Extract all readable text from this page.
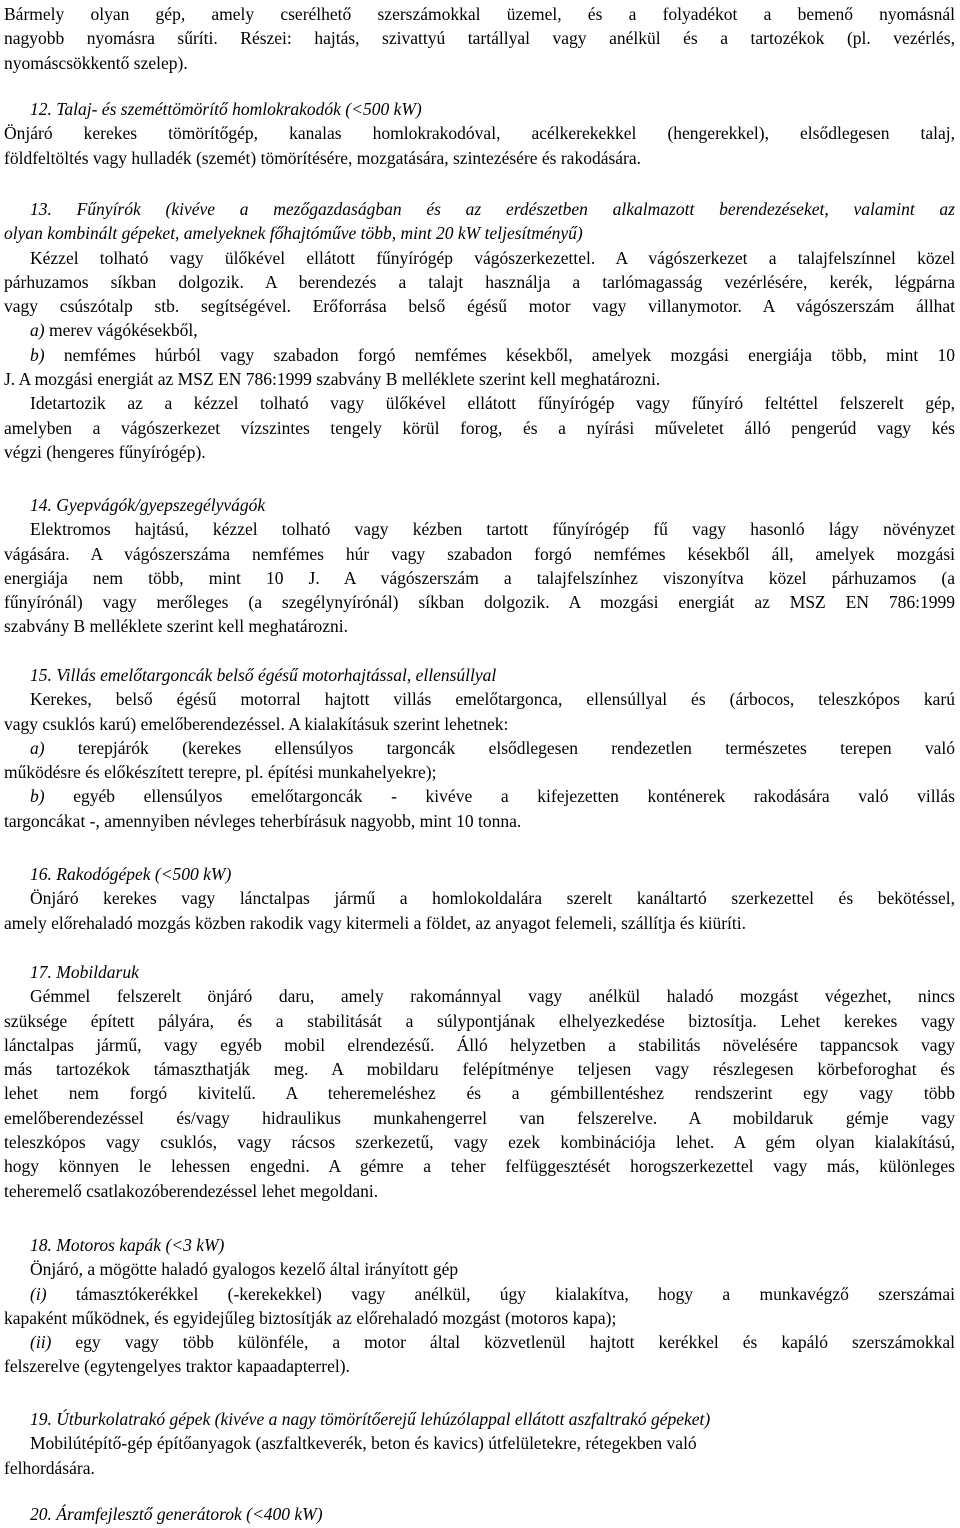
Bármely olyan gép, amely cserélhető szerszámokkal üzemel, és a folyadékot a bemenő nyomásnál
nagyobb nyomásra sűríti. Részei: hajtás, szivattyú tartállyal vagy anélkül és a tartozékok (pl. vezérlés,
nyomáscsökkentő szelep).
12. Talaj- és szeméttömörítő homlokrakodók (<500 kW)
Önjáró kerekes tömörítőgép, kanalas homlokrakodóval, acélkerekekkel (hengerekkel), elsődlegesen talaj,
földfeltöltés vagy hulladék (szemét) tömörítésére, mozgatására, szintezésére és rakodására.
13. Fűnyírók (kivéve a mezőgazdaságban és az erdészetben alkalmazott berendezéseket, valamint az
olyan kombinált gépeket, amelyeknek főhajtóműve több, mint 20 kW teljesítményű)
Kézzel tolható vagy ülőkével ellátott fűnyírógép vágószerkezettel. A vágószerkezet a talajfelszínnel közel
párhuzamos síkban dolgozik. A berendezés a talajt használja a tarlómagasság vezérlésére, kerék, légpárna
vagy csúszótalp stb. segítségével. Erőforrása belső égésű motor vagy villanymotor. A vágószerszám állhat
a) merev vágókésekből,
b) nemfémes húrból vagy szabadon forgó nemfémes késekből, amelyek mozgási energiája több, mint 10
J. A mozgási energiát az MSZ EN 786:1999 szabvány B melléklete szerint kell meghatározni.
Idetartozik az a kézzel tolható vagy ülőkével ellátott fűnyírógép vagy fűnyíró feltéttel felszerelt gép,
amelyben a vágószerkezet vízszintes tengely körül forog, és a nyírási műveletet álló pengerúd vagy kés
végzi (hengeres fűnyírógép).
14. Gyepvágók/gyepszegélyvágók
Elektromos hajtású, kézzel tolható vagy kézben tartott fűnyírógép fű vagy hasonló lágy növényzet
vágására. A vágószerszáma nemfémes húr vagy szabadon forgó nemfémes késekből áll, amelyek mozgási
energiája nem több, mint 10 J. A vágószerszám a talajfelszínhez viszonyítva közel párhuzamos (a
fűnyírónál) vagy merőleges (a szegélynyírónál) síkban dolgozik. A mozgási energiát az MSZ EN 786:1999
szabvány B melléklete szerint kell meghatározni.
15. Villás emelőtargoncák belső égésű motorhajtással, ellensúllyal
Kerekes, belső égésű motorral hajtott villás emelőtargonca, ellensúllyal és (árbocos, teleszkópos karú
vagy csuklós karú) emelőberendezéssel. A kialakításuk szerint lehetnek:
a) terepjárók (kerekes ellensúlyos targoncák elsődlegesen rendezetlen természetes terepen való
működésre és előkészített terepre, pl. építési munkahelyekre);
b) egyéb ellensúlyos emelőtargoncák - kivéve a kifejezetten konténerek rakodására való villás
targoncákat -, amennyiben névleges teherbírásuk nagyobb, mint 10 tonna.
16. Rakodógépek (<500 kW)
Önjáró kerekes vagy lánctalpas jármű a homlokoldalára szerelt kanáltartó szerkezettel és bekötéssel,
amely előrehaladó mozgás közben rakodik vagy kitermeli a földet, az anyagot felemeli, szállítja és kiüríti.
17. Mobildaruk
Gémmel felszerelt önjáró daru, amely rakománnyal vagy anélkül haladó mozgást végezhet, nincs
szüksége épített pályára, és a stabilitását a súlypontjának elhelyezkedése biztosítja. Lehet kerekes vagy
lánctalpas jármű, vagy egyéb mobil elrendezésű. Álló helyzetben a stabilitás növelésére tappancsok vagy
más tartozékok támaszthatják meg. A mobildaru felépítménye teljesen vagy részlegesen körbeforoghat és
lehet nem forgó kivitelű. A teheremeléshez és a gémbillentéshez rendszerint egy vagy több
emelőberendezéssel és/vagy hidraulikus munkahengerrel van felszerelve. A mobildaruk gémje vagy
teleszkópos vagy csuklós, vagy rácsos szerkezetű, vagy ezek kombinációja lehet. A gém olyan kialakítású,
hogy könnyen le lehessen engedni. A gémre a teher felfüggesztését horogszerkezettel vagy más, különleges
teheremelő csatlakozóberendezéssel lehet megoldani.
18. Motoros kapák (<3 kW)
Önjáró, a mögötte haladó gyalogos kezelő által irányított gép
(i) támasztókerékkel (-kerekekkel) vagy anélkül, úgy kialakítva, hogy a munkavégző szerszámai
kapaként működnek, és egyidejűleg biztosítják az előrehaladó mozgást (motoros kapa);
(ii) egy vagy több különféle, a motor által közvetlenül hajtott kerékkel és kapáló szerszámokkal
felszerelve (egytengelyes traktor kapaadapterrel).
19. Útburkolatrakó gépek (kivéve a nagy tömörítőerejű lehúzólappal ellátott aszfaltrakó gépeket)
Mobilútépítő-gép építőanyagok (aszfaltkeverék, beton és kavics) útfelületekre, rétegekben való
felhordására.
20. Áramfejlesztő generátorok (<400 kW)
